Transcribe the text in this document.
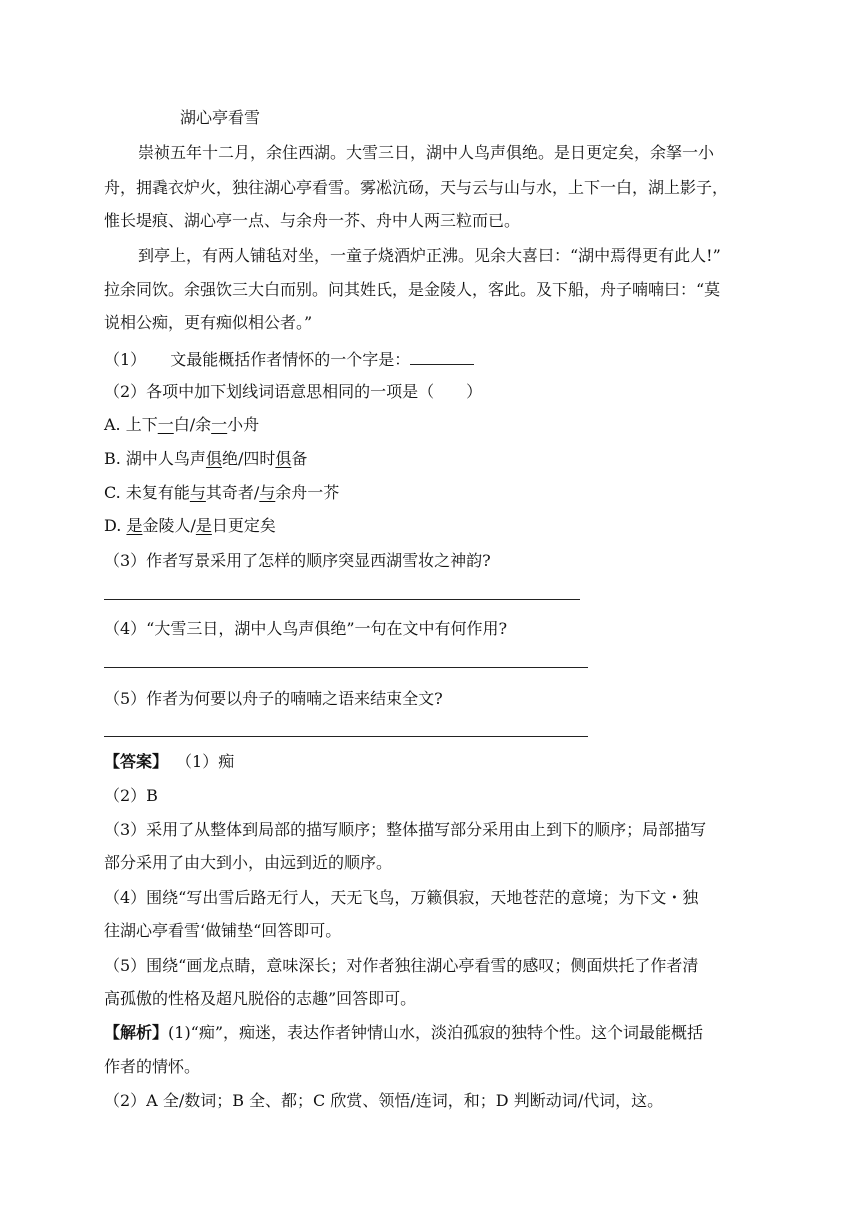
湖心亭看雪
崇祯五年十二月，余住西湖。大雪三日，湖中人鸟声俱绝。是日更定矣，余拏一小
舟，拥毳衣炉火，独往湖心亭看雪。雾凇沆砀，天与云与山与水，上下一白，湖上影子，
惟长堤痕、湖心亭一点、与余舟一芥、舟中人两三粒而已。
到亭上，有两人铺毡对坐，一童子烧酒炉正沸。见余大喜曰：“湖中焉得更有此人!”
拉余同饮。余强饮三大白而别。问其姓氏，是金陵人，客此。及下船，舟子喃喃曰：“莫
说相公痴，更有痴似相公者。”
（1） 文最能概括作者情怀的一个字是：
（2）各项中加下划线词语意思相同的一项是（　　）
A. 上下一白/余一小舟
B. 湖中人鸟声俱绝/四时俱备
C. 未复有能与其奇者/与余舟一芥
D. 是金陵人/是日更定矣
（3）作者写景采用了怎样的顺序突显西湖雪妆之神韵?
（4）“大雪三日，湖中人鸟声俱绝”一句在文中有何作用?
（5）作者为何要以舟子的喃喃之语来结束全文?
【答案】 （1）痴
（2）B
（3）采用了从整体到局部的描写顺序；整体描写部分采用由上到下的顺序；局部描写
部分采用了由大到小，由远到近的顺序。
（4）围绕“写出雪后路无行人，天无飞鸟，万籁俱寂，天地苍茫的意境；为下文・独
往湖心亭看雪‘做铺垫“回答即可。
（5）围绕“画龙点睛，意味深长；对作者独往湖心亭看雪的感叹；侧面烘托了作者清
高孤傲的性格及超凡脱俗的志趣”回答即可。
【解析】(1)“痴”，痴迷，表达作者钟情山水，淡泊孤寂的独特个性。这个词最能概括
作者的情怀。
（2）A 全/数词；B 全、都；C 欣赏、领悟/连词，和；D 判断动词/代词，这。
